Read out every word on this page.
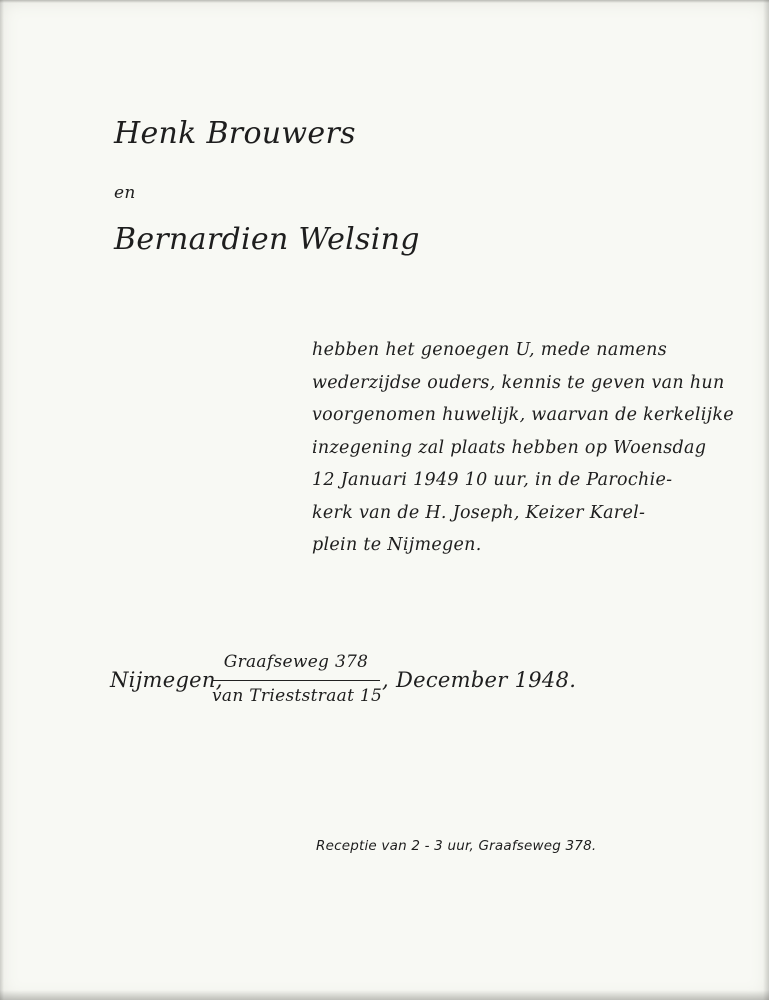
Henk Brouwers
en
Bernardien Welsing
hebben het genoegen U, mede namens
wederzijdse ouders, kennis te geven van hun
voorgenomen huwelijk, waarvan de kerkelijke
inzegening zal plaats hebben op Woensdag
12 Januari 1949 10 uur, in de Parochie-
kerk van de H. Joseph, Keizer Karel-
plein te Nijmegen.
Nijmegen,
Graafseweg 378
van Trieststraat 15
, December 1948.
Receptie van 2 - 3 uur, Graafseweg 378.
